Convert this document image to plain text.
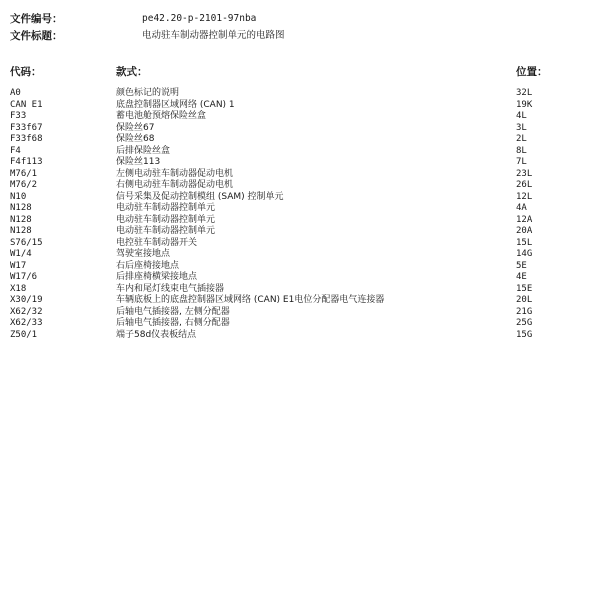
文件编号：	pe42.20-p-2101-97nba
文件标题：	电动驻车制动器控制单元的电路图
代码：	款式：	位置：
A0	颜色标记的说明	32L
CAN E1	底盘控制器区域网络 (CAN) 1	19K
F33	蓄电池舱预熔保险丝盒	4L
F33f67	保险丝67	3L
F33f68	保险丝68	2L
F4	后排保险丝盒	8L
F4f113	保险丝113	7L
M76/1	左侧电动驻车制动器促动电机	23L
M76/2	右侧电动驻车制动器促动电机	26L
N10	信号采集及促动控制模组 (SAM) 控制单元	12L
N128	电动驻车制动器控制单元	4A
N128	电动驻车制动器控制单元	12A
N128	电动驻车制动器控制单元	20A
S76/15	电控驻车制动器开关	15L
W1/4	驾驶室接地点	14G
W17	右后座椅接地点	5E
W17/6	后排座椅横梁接地点	4E
X18	车内和尾灯线束电气插接器	15E
X30/19	车辆底板上的底盘控制器区域网络 (CAN) E1电位分配器电气连接器	20L
X62/32	后轴电气插接器, 左侧分配器	21G
X62/33	后轴电气插接器, 右侧分配器	25G
Z50/1	端子58d仪表板结点	15G
